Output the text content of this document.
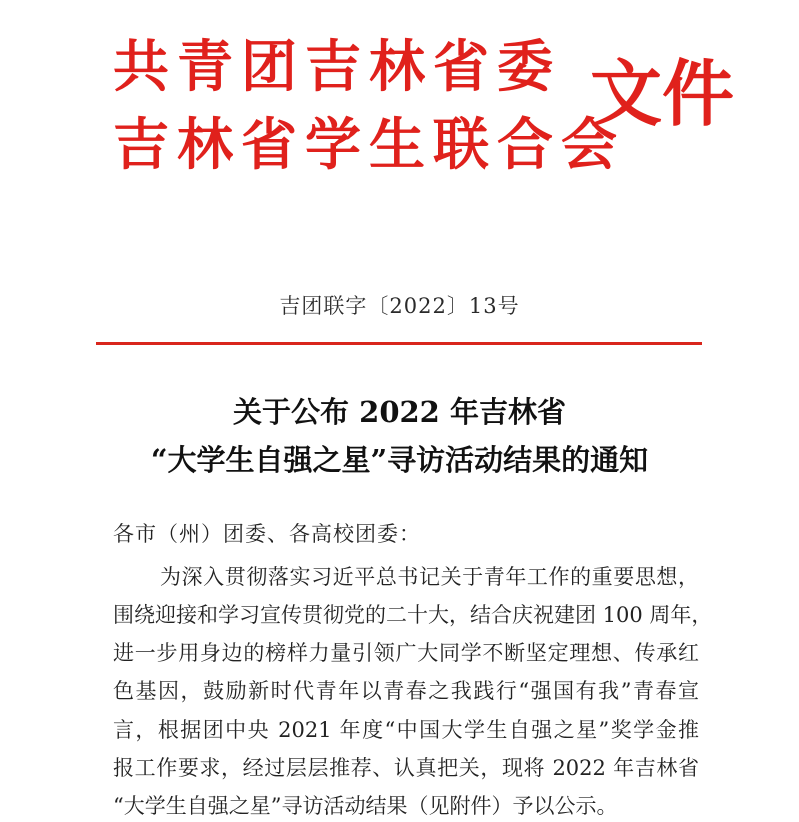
共青团吉林省委
吉林省学生联合会
文件
吉团联字〔2022〕13号
关于公布 2022 年吉林省
“大学生自强之星”寻访活动结果的通知
各市（州）团委、各高校团委：
为深入贯彻落实习近平总书记关于青年工作的重要思想，
围绕迎接和学习宣传贯彻党的二十大，结合庆祝建团 100 周年，
进一步用身边的榜样力量引领广大同学不断坚定理想、传承红
色基因，鼓励新时代青年以青春之我践行“强国有我”青春宣
言，根据团中央 2021 年度“中国大学生自强之星”奖学金推
报工作要求，经过层层推荐、认真把关，现将 2022 年吉林省
“大学生自强之星”寻访活动结果（见附件）予以公示。
